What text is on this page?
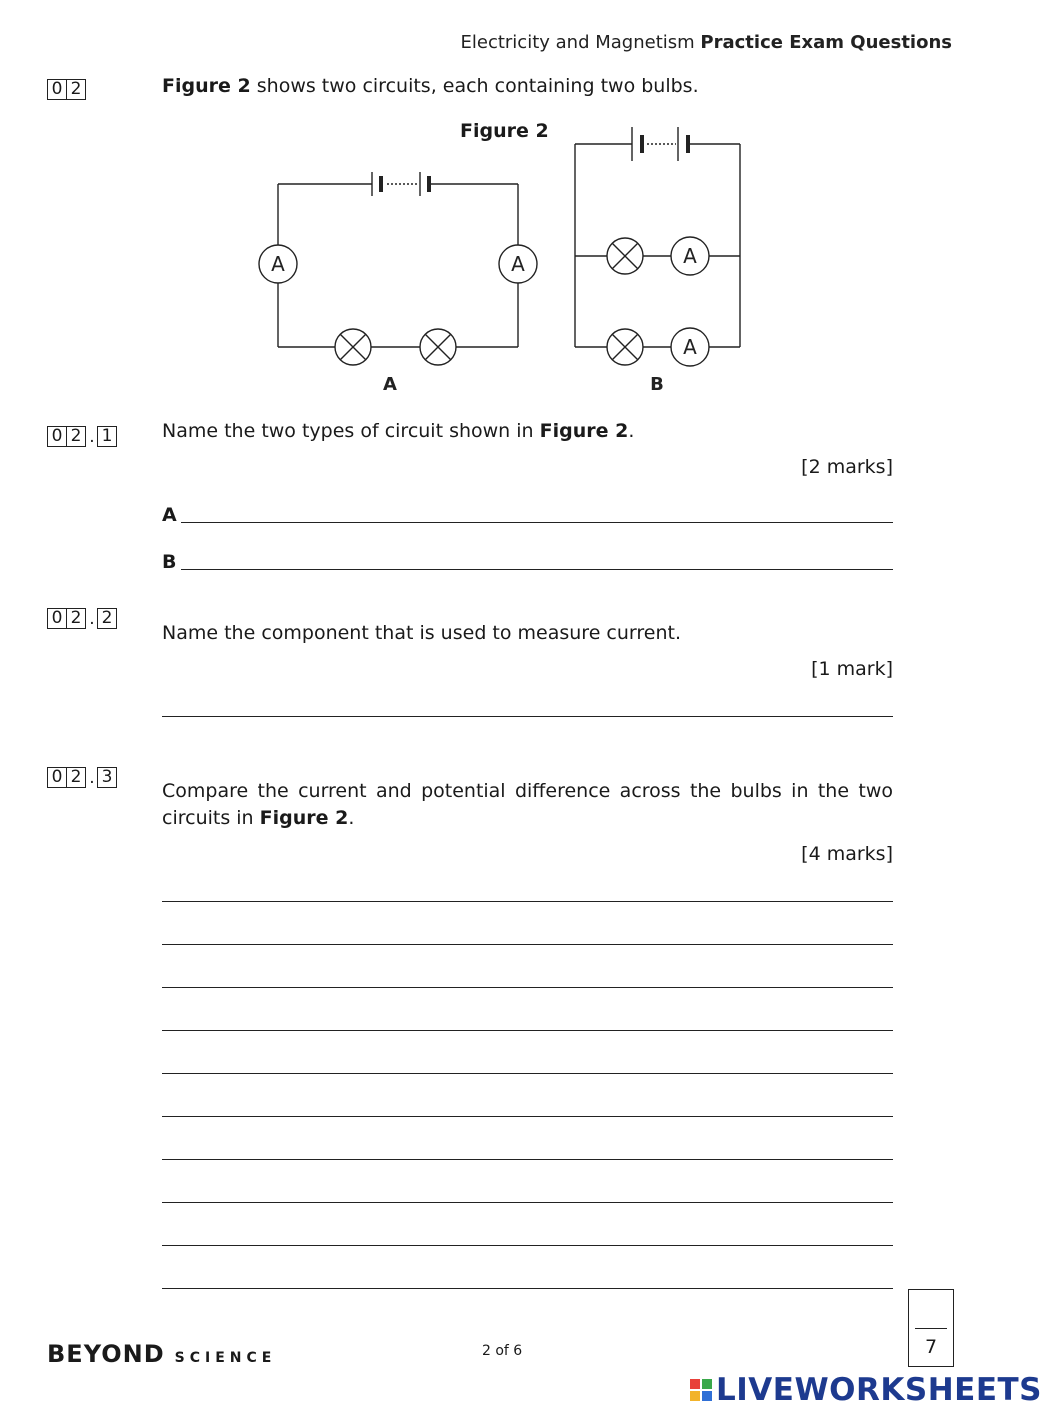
Electricity and Magnetism Practice Exam Questions
0 2	Figure 2 shows two circuits, each containing two bulbs.
Figure 2
A	A	A
A
A	B
0 2 . 1	Name the two types of circuit shown in Figure 2.
[2 marks]
A
B
0 2 . 2
Name the component that is used to measure current.
[1 mark]
0 2 . 3
Compare the current and potential difference across the bulbs in the two
circuits in Figure 2.
[4 marks]
7
BEYOND SCIENCE	2 of 6
LIVEWORKSHEETS
